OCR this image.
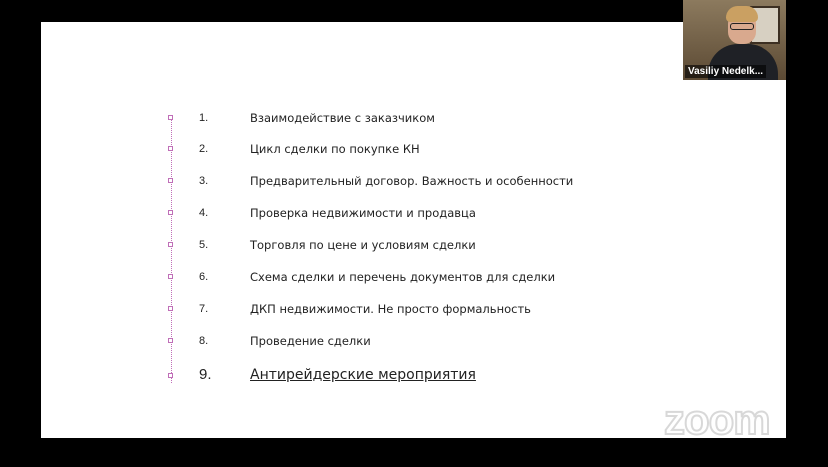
1.	Взаимодействие с заказчиком
2.	Цикл сделки по покупке КН
3.	Предварительный договор. Важность и особенности
4.	Проверка недвижимости и продавца
5.	Торговля по цене и условиям сделки
6.	Схема сделки и перечень документов для сделки
7.	ДКП недвижимости. Не просто формальность
8.	Проведение сделки
9.	Антирейдерские мероприятия
Vasiliy Nedelk...
zoom
